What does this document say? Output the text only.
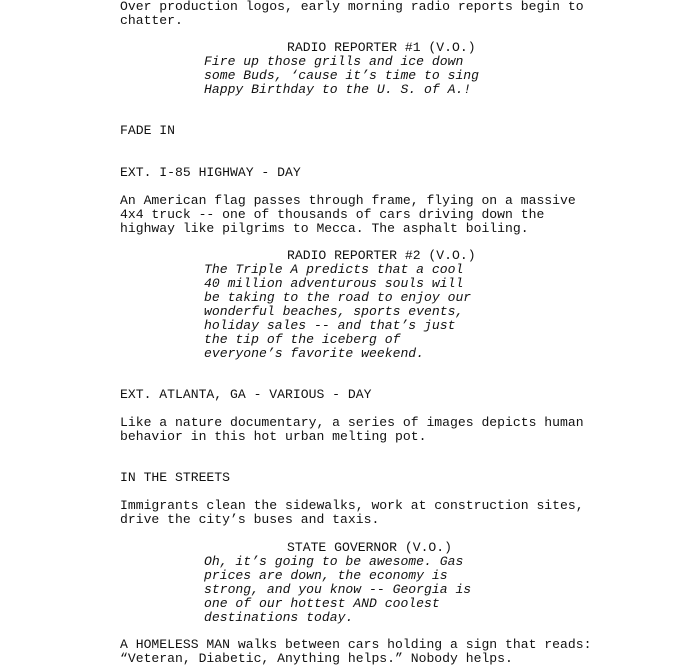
Over production logos, early morning radio reports begin to
chatter.
RADIO REPORTER #1 (V.O.)
Fire up those grills and ice down
some Buds, ‘cause it’s time to sing
Happy Birthday to the U. S. of A.!
FADE IN
EXT. I-85 HIGHWAY - DAY
An American flag passes through frame, flying on a massive
4x4 truck -- one of thousands of cars driving down the
highway like pilgrims to Mecca. The asphalt boiling.
RADIO REPORTER #2 (V.O.)
The Triple A predicts that a cool
40 million adventurous souls will
be taking to the road to enjoy our
wonderful beaches, sports events,
holiday sales -- and that’s just
the tip of the iceberg of
everyone’s favorite weekend.
EXT. ATLANTA, GA - VARIOUS - DAY
Like a nature documentary, a series of images depicts human
behavior in this hot urban melting pot.
IN THE STREETS
Immigrants clean the sidewalks, work at construction sites,
drive the city’s buses and taxis.
STATE GOVERNOR (V.O.)
Oh, it’s going to be awesome. Gas
prices are down, the economy is
strong, and you know -- Georgia is
one of our hottest AND coolest
destinations today.
A HOMELESS MAN walks between cars holding a sign that reads:
“Veteran, Diabetic, Anything helps.” Nobody helps.
